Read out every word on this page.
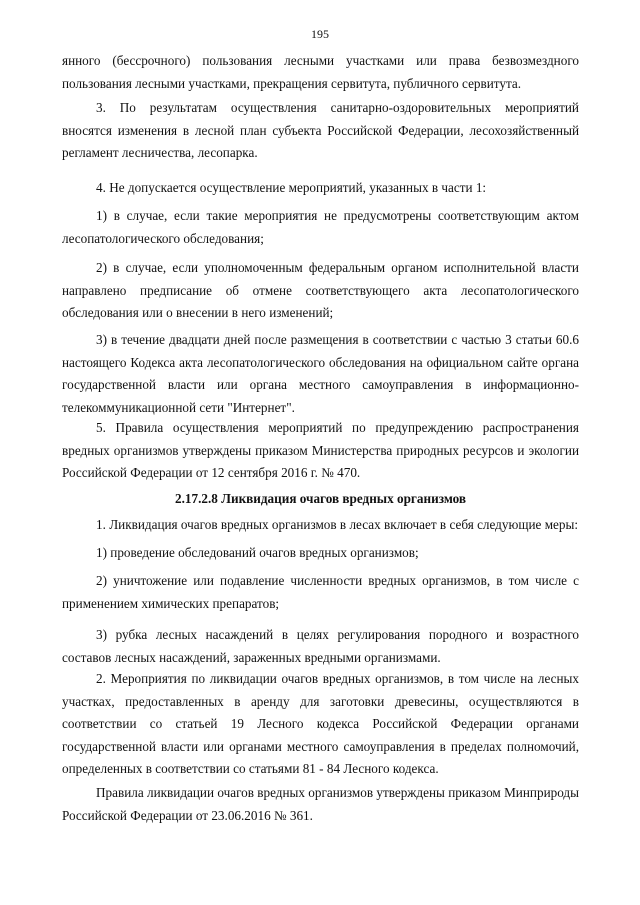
195

янного (бессрочного) пользования лесными участками или права безвозмездного пользования лесными участками, прекращения сервитута, публичного сервитута.

3. По результатам осуществления санитарно-оздоровительных мероприятий вносятся изменения в лесной план субъекта Российской Федерации, лесохозяйственный регламент лесничества, лесопарка.

4. Не допускается осуществление мероприятий, указанных в части 1:

1) в случае, если такие мероприятия не предусмотрены соответствующим актом лесопатологического обследования;

2) в случае, если уполномоченным федеральным органом исполнительной власти направлено предписание об отмене соответствующего акта лесопатологического обследования или о внесении в него изменений;

3) в течение двадцати дней после размещения в соответствии с частью 3 статьи 60.6 настоящего Кодекса акта лесопатологического обследования на официальном сайте органа государственной власти или органа местного самоуправления в информационно-телекоммуникационной сети "Интернет".

5. Правила осуществления мероприятий по предупреждению распространения вредных организмов утверждены приказом Министерства природных ресурсов и экологии Российской Федерации от 12 сентября 2016 г. № 470.

2.17.2.8 Ликвидация очагов вредных организмов

1. Ликвидация очагов вредных организмов в лесах включает в себя следующие меры:

1) проведение обследований очагов вредных организмов;

2) уничтожение или подавление численности вредных организмов, в том числе с применением химических препаратов;

3) рубка лесных насаждений в целях регулирования породного и возрастного составов лесных насаждений, зараженных вредными организмами.

2. Мероприятия по ликвидации очагов вредных организмов, в том числе на лесных участках, предоставленных в аренду для заготовки древесины, осуществляются в соответствии со статьей 19 Лесного кодекса Российской Федерации органами государственной власти или органами местного самоуправления в пределах полномочий, определенных в соответствии со статьями 81 - 84 Лесного кодекса.

Правила ликвидации очагов вредных организмов утверждены приказом Минприроды Российской Федерации от 23.06.2016 № 361.
